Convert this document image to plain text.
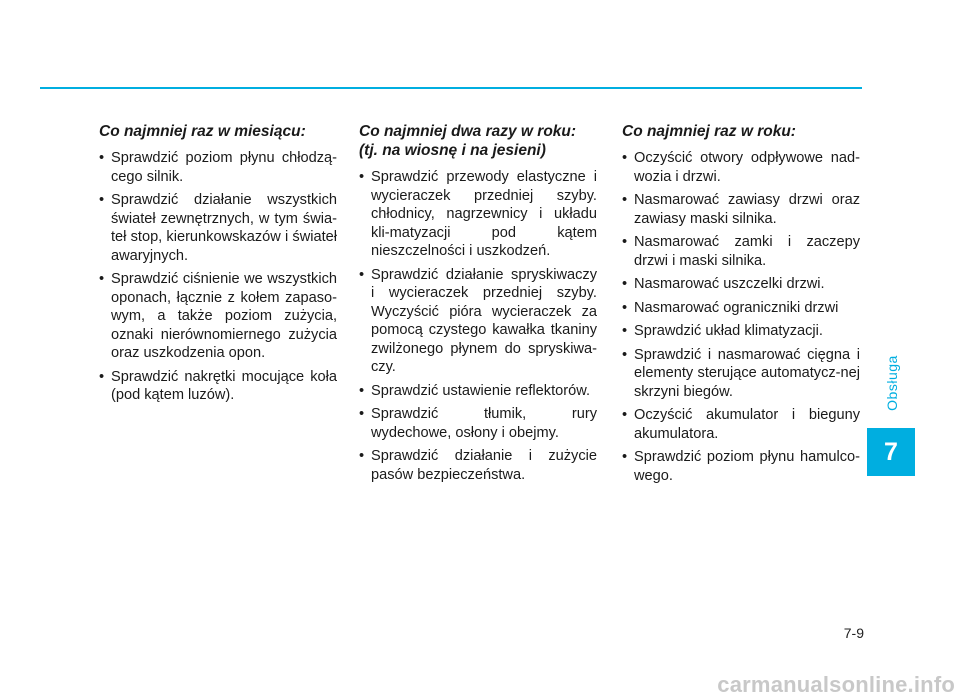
Co najmniej raz w miesiącu:
• Sprawdzić poziom płynu chłodzą-cego silnik.
• Sprawdzić działanie wszystkich świateł zewnętrznych, w tym świa-teł stop, kierunkowskazów i świateł awaryjnych.
• Sprawdzić ciśnienie we wszystkich oponach, łącznie z kołem zapaso-wym, a także poziom zużycia, oznaki nierównomiernego zużycia oraz uszkodzenia opon.
• Sprawdzić nakrętki mocujące koła (pod kątem luzów).
Co najmniej dwa razy w roku:
(tj. na wiosnę i na jesieni)
• Sprawdzić przewody elastyczne i wycieraczek przedniej szyby. chłodnicy, nagrzewnicy i układu kli-matyzacji pod kątem nieszczelności i uszkodzeń.
• Sprawdzić działanie spryskiwaczy i wycieraczek przedniej szyby. Wyczyścić pióra wycieraczek za pomocą czystego kawałka tkaniny zwilżonego płynem do spryskiwa-czy.
• Sprawdzić ustawienie reflektorów.
• Sprawdzić tłumik, rury wydechowe, osłony i obejmy.
• Sprawdzić działanie i zużycie pasów bezpieczeństwa.
Co najmniej raz w roku:
• Oczyścić otwory odpływowe nad-wozia i drzwi.
• Nasmarować zawiasy drzwi oraz zawiasy maski silnika.
• Nasmarować zamki i zaczepy drzwi i maski silnika.
• Nasmarować uszczelki drzwi.
• Nasmarować ograniczniki drzwi
• Sprawdzić układ klimatyzacji.
• Sprawdzić i nasmarować cięgna i elementy sterujące automatycz-nej skrzyni biegów.
• Oczyścić akumulator i bieguny akumulatora.
• Sprawdzić poziom płynu hamulco-wego.
Obsługa
7
7-9
carmanualsonline.info
